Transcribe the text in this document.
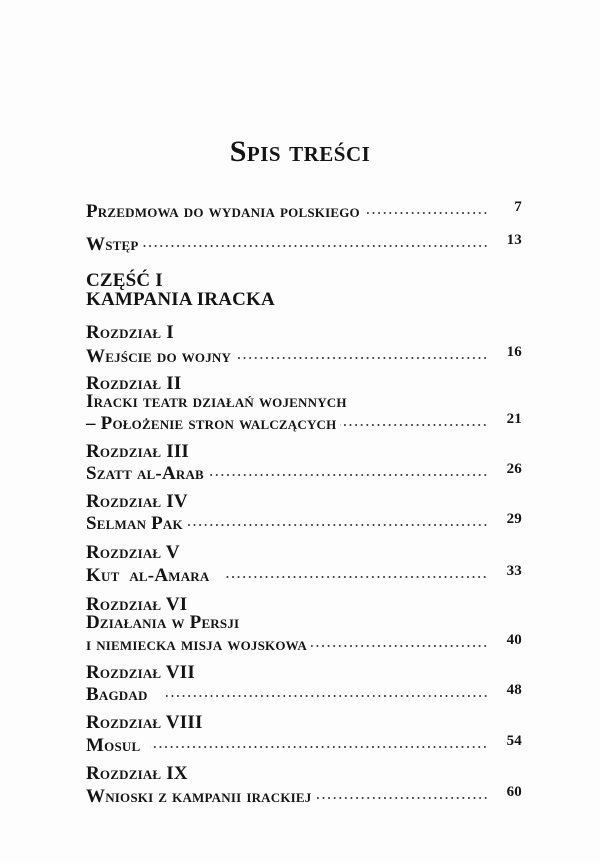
Spis treści
Przedmowa do wydania polskiego	7
Wstęp	13
CZĘŚĆ I
KAMPANIA IRACKA
Rozdział I
Wejście do wojny	16
Rozdział II
Iracki teatr działań wojennych
– Położenie stron walczących	21
Rozdział III
Szatt al-Arab	26
Rozdział IV
Selman Pak	29
Rozdział V
Kut  al-Amara	33
Rozdział VI
Działania w Persji
i niemiecka misja wojskowa	40
Rozdział VII
Bagdad	48
Rozdział VIII
Mosul	54
Rozdział IX
Wnioski z kampanii irackiej	60
